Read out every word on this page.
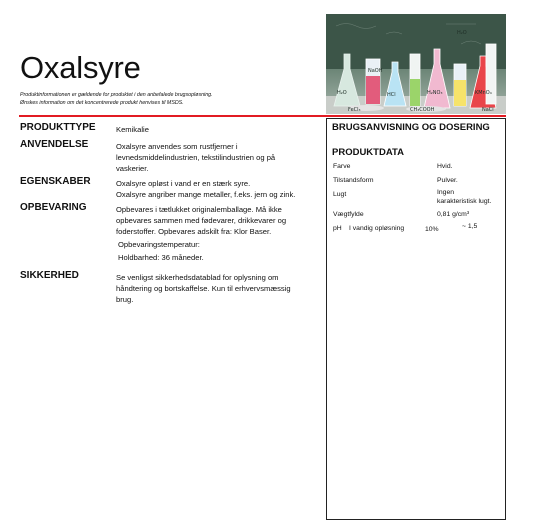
Oxalsyre
Produktinformationen er gældende for produktet i den anbefalede brugsopløsning.
Ønskes information om det koncentrerede produkt henvises til MSDS.
H₂O
NaOH
HCl	H₂NO₃
H₂O
KMnO₄
FeCl₃	CH₃COOH	NaCl
PRODUKTTYPE	Kemikalie
ANVENDELSE	Oxalsyre anvendes som rustfjerner i
levnedsmiddelindustrien, tekstilindustrien og på
vaskerier.
EGENSKABER	Oxalsyre opløst i vand er en stærk syre.
Oxalsyre angriber mange metaller, f.eks. jern og zink.
OPBEVARING	Opbevares i tætlukket originalemballage. Må ikke
opbevares sammen med fødevarer, drikkevarer og
foderstoffer. Opbevares adskilt fra: Klor Baser.
Opbevaringstemperatur:
Holdbarhed: 36 måneder.
SIKKERHED	Se venligst sikkerhedsdatablad for oplysning om
håndtering og bortskaffelse. Kun til erhvervsmæssig
brug.
BRUGSANVISNING OG DOSERING
PRODUKTDATA
Farve	Hvid.
Tilstandsform	Pulver.
Lugt	Ingen
karakteristisk lugt.
Vægtfylde	0,81 g/cm³
pH I vandig opløsning	10%	~ 1,5
